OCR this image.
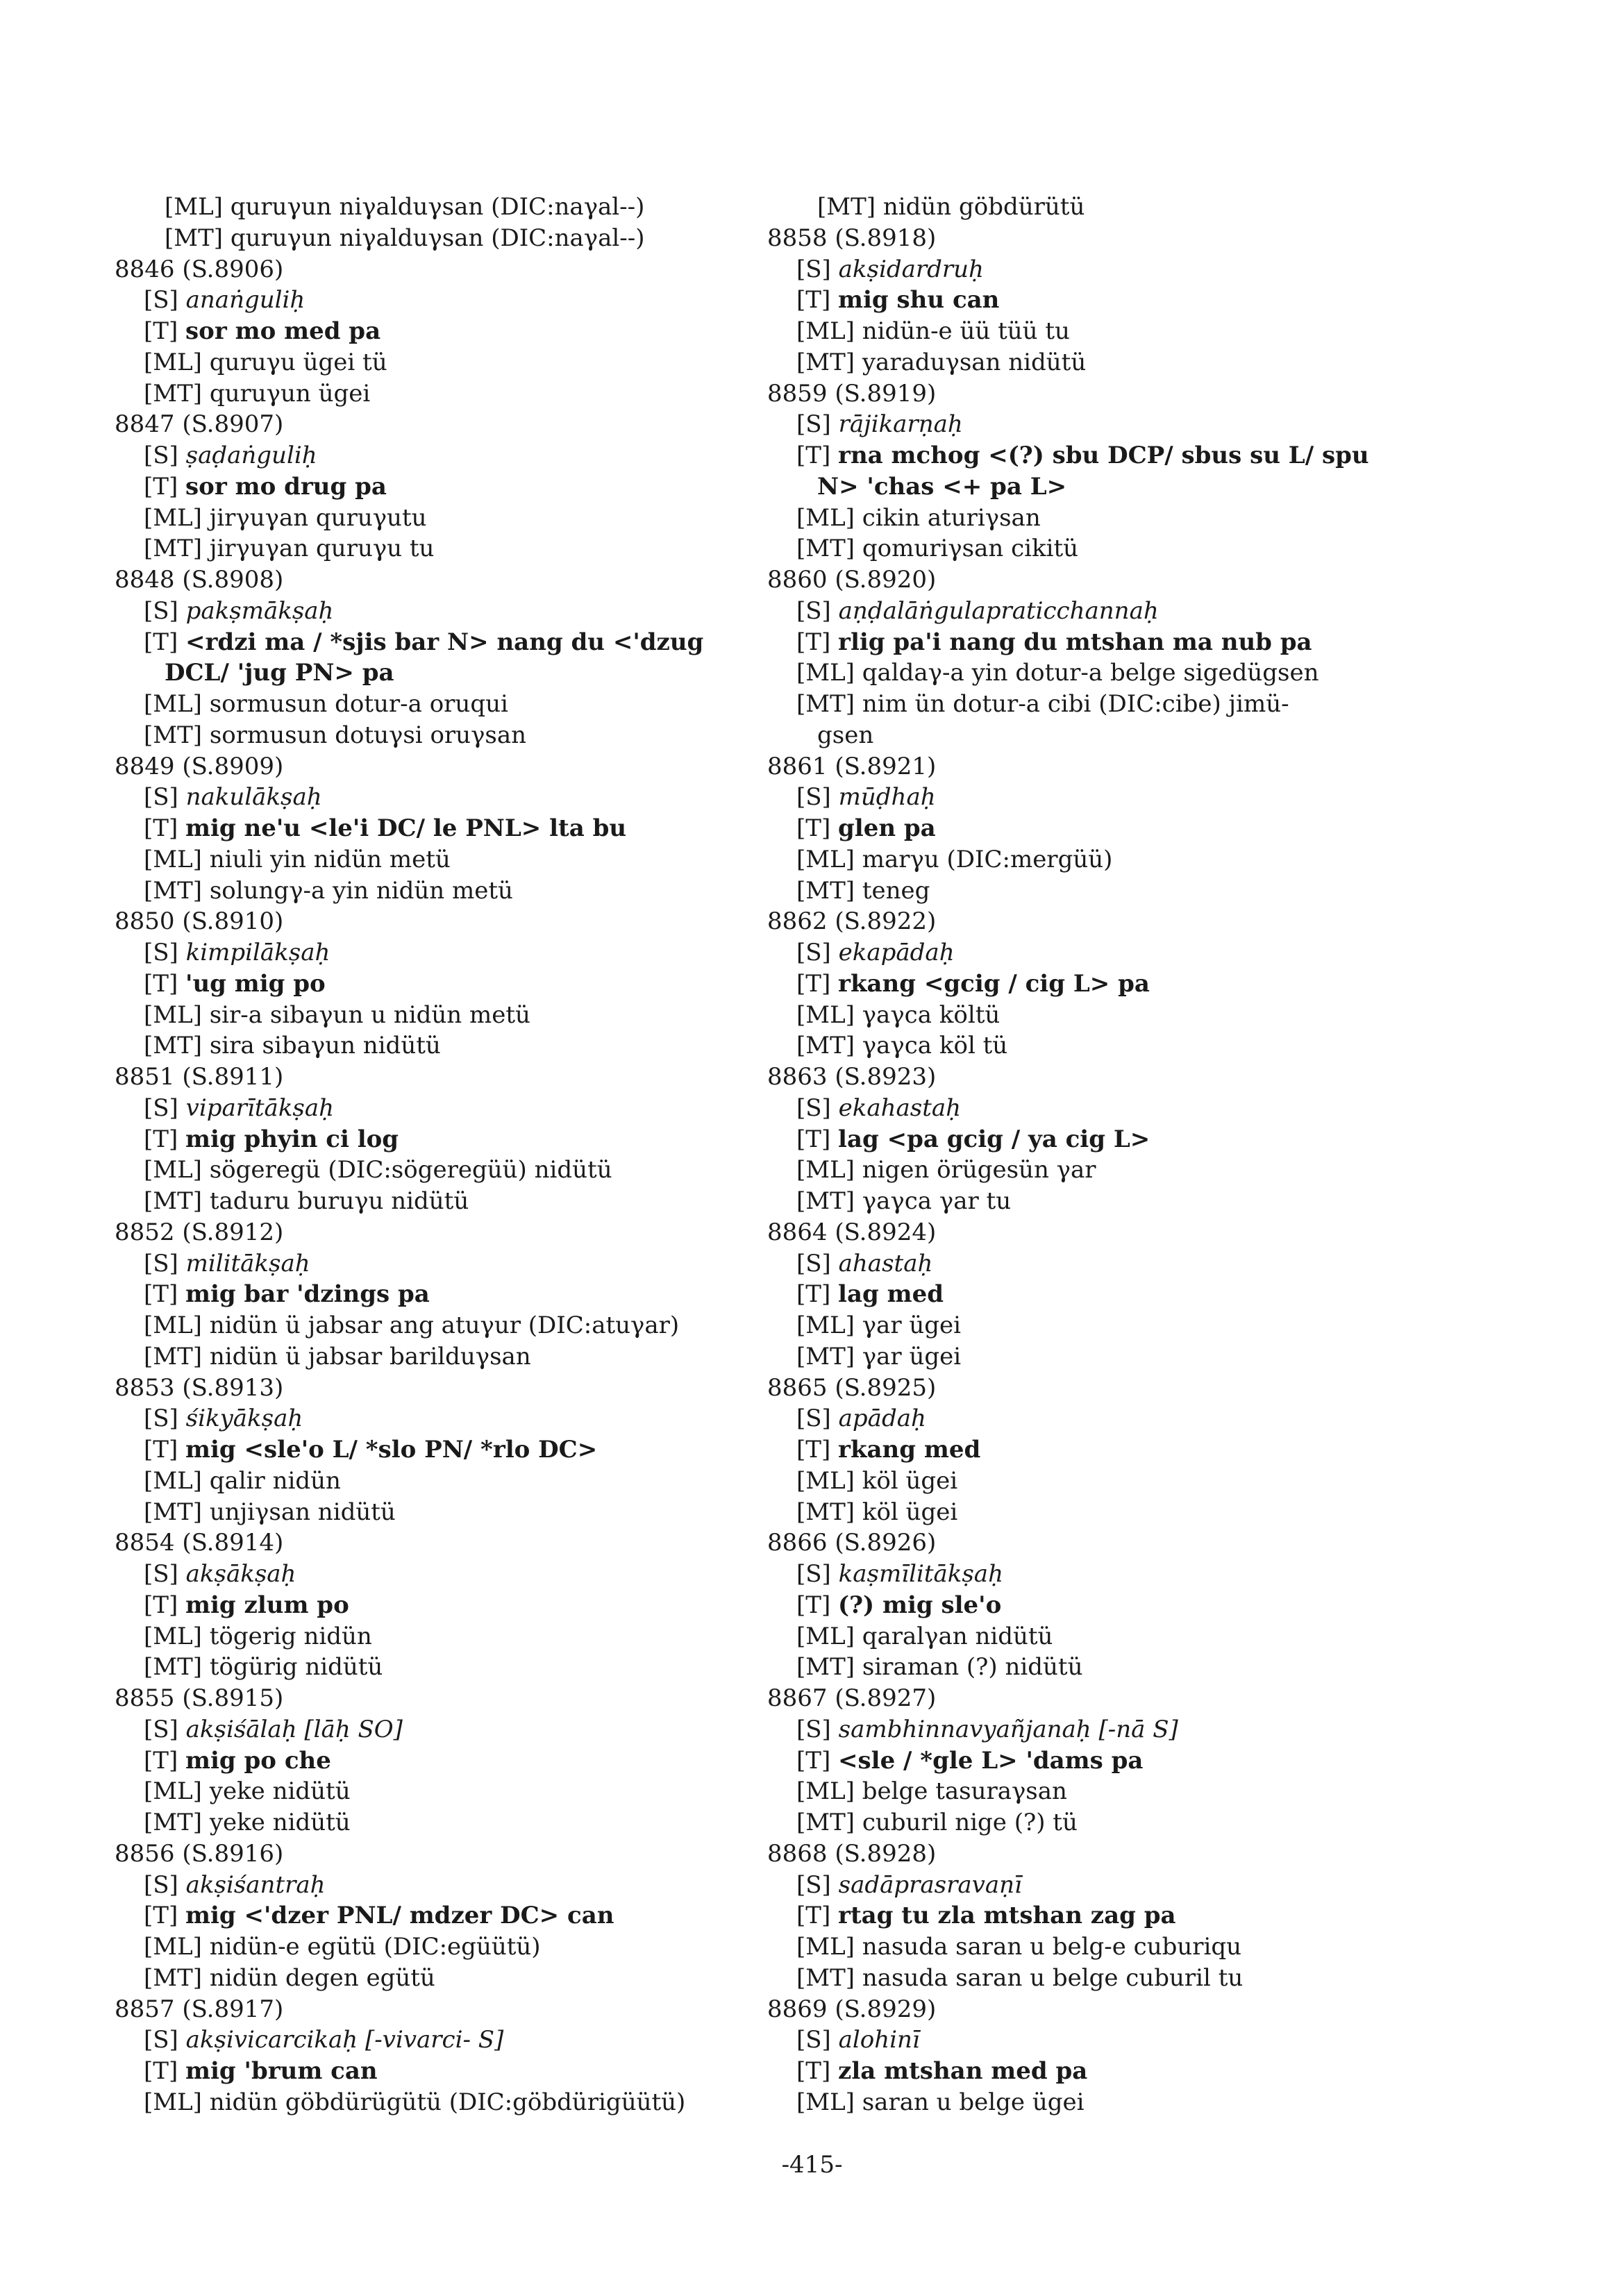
[ML] quruγun niγalduγsan (DIC:naγal--)
[MT] quruγun niγalduγsan (DIC:naγal--)
8846 (S.8906)
[S] anaṅguliḥ
[T] sor mo med pa
[ML] quruγu ügei tü
[MT] quruγun ügei
8847 (S.8907)
[S] ṣaḍaṅguliḥ
[T] sor mo drug pa
[ML] jirγuγan quruγutu
[MT] jirγuγan quruγu tu
8848 (S.8908)
[S] pakṣmākṣaḥ
[T] <rdzi ma / *sjis bar N> nang du <'dzug
DCL/ 'jug PN> pa
[ML] sormusun dotur-a oruqui
[MT] sormusun dotuγsi oruγsan
8849 (S.8909)
[S] nakulākṣaḥ
[T] mig ne'u <le'i DC/ le PNL> lta bu
[ML] niuli yin nidün metü
[MT] solungγ-a yin nidün metü
8850 (S.8910)
[S] kimpilākṣaḥ
[T] 'ug mig po
[ML] sir-a sibaγun u nidün metü
[MT] sira sibaγun nidütü
8851 (S.8911)
[S] viparītākṣaḥ
[T] mig phyin ci log
[ML] sögeregü (DIC:sögeregüü) nidütü
[MT] taduru buruγu nidütü
8852 (S.8912)
[S] militākṣaḥ
[T] mig bar 'dzings pa
[ML] nidün ü jabsar ang atuγur (DIC:atuγar)
[MT] nidün ü jabsar barilduγsan
8853 (S.8913)
[S] śikyākṣaḥ
[T] mig <sle'o L/ *slo PN/ *rlo DC>
[ML] qalir nidün
[MT] unjiγsan nidütü
8854 (S.8914)
[S] akṣākṣaḥ
[T] mig zlum po
[ML] tögerig nidün
[MT] tögürig nidütü
8855 (S.8915)
[S] akṣiśālaḥ [lāḥ SO]
[T] mig po che
[ML] yeke nidütü
[MT] yeke nidütü
8856 (S.8916)
[S] akṣiśantraḥ
[T] mig <'dzer PNL/ mdzer DC> can
[ML] nidün-e egütü (DIC:egüütü)
[MT] nidün degen egütü
8857 (S.8917)
[S] akṣivicarcikaḥ [-vivarci- S]
[T] mig 'brum can
[ML] nidün göbdürügütü (DIC:göbdürigüütü)
[MT] nidün göbdürütü
8858 (S.8918)
[S] akṣidardruḥ
[T] mig shu can
[ML] nidün-e üü tüü tu
[MT] yaraduγsan nidütü
8859 (S.8919)
[S] rājikarṇaḥ
[T] rna mchog <(?) sbu DCP/ sbus su L/ spu
N> 'chas <+ pa L>
[ML] cikin aturiγsan
[MT] qomuriγsan cikitü
8860 (S.8920)
[S] aṇḍalāṅgulapraticchannaḥ
[T] rlig pa'i nang du mtshan ma nub pa
[ML] qaldaγ-a yin dotur-a belge sigedügsen
[MT] nim ün dotur-a cibi (DIC:cibe) jimü-
gsen
8861 (S.8921)
[S] mūḍhaḥ
[T] glen pa
[ML] marγu (DIC:mergüü)
[MT] teneg
8862 (S.8922)
[S] ekapādaḥ
[T] rkang <gcig / cig L> pa
[ML] γaγca költü
[MT] γaγca köl tü
8863 (S.8923)
[S] ekahastaḥ
[T] lag <pa gcig / ya cig L>
[ML] nigen örügesün γar
[MT] γaγca γar tu
8864 (S.8924)
[S] ahastaḥ
[T] lag med
[ML] γar ügei
[MT] γar ügei
8865 (S.8925)
[S] apādaḥ
[T] rkang med
[ML] köl ügei
[MT] köl ügei
8866 (S.8926)
[S] kaṣmīlitākṣaḥ
[T] (?) mig sle'o
[ML] qaralγan nidütü
[MT] siraman (?) nidütü
8867 (S.8927)
[S] sambhinnavyañjanaḥ [-nā S]
[T] <sle / *gle L> 'dams pa
[ML] belge tasuraγsan
[MT] cuburil nige (?) tü
8868 (S.8928)
[S] sadāprasravaṇī
[T] rtag tu zla mtshan zag pa
[ML] nasuda saran u belg-e cuburiqu
[MT] nasuda saran u belge cuburil tu
8869 (S.8929)
[S] alohinī
[T] zla mtshan med pa
[ML] saran u belge ügei
-415-
